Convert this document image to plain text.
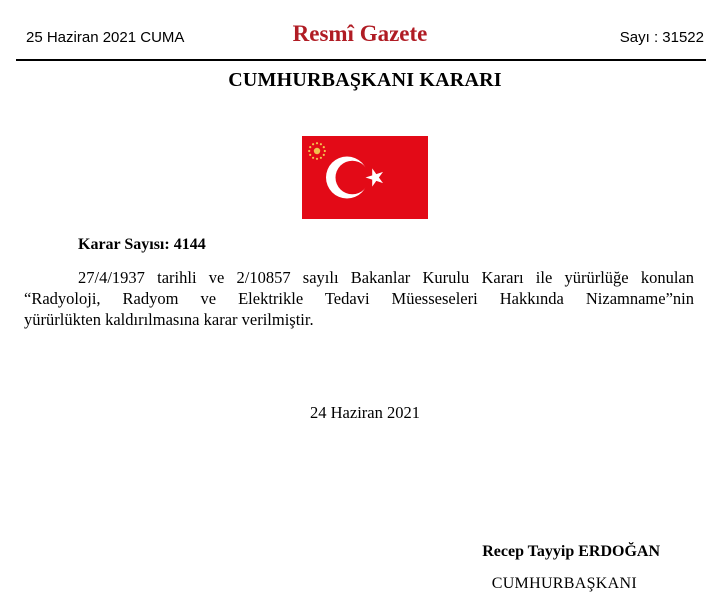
25 Haziran 2021 CUMA	Resmî Gazete	Sayı : 31522
CUMHURBAŞKANI KARARI
Karar Sayısı: 4144
27/4/1937 tarihli ve 2/10857 sayılı Bakanlar Kurulu Kararı ile yürürlüğe konulan
“Radyoloji, Radyom ve Elektrikle Tedavi Müesseseleri Hakkında Nizamname”nin
yürürlükten kaldırılmasına karar verilmiştir.
24 Haziran 2021
Recep Tayyip ERDOĞAN
CUMHURBAŞKANI
